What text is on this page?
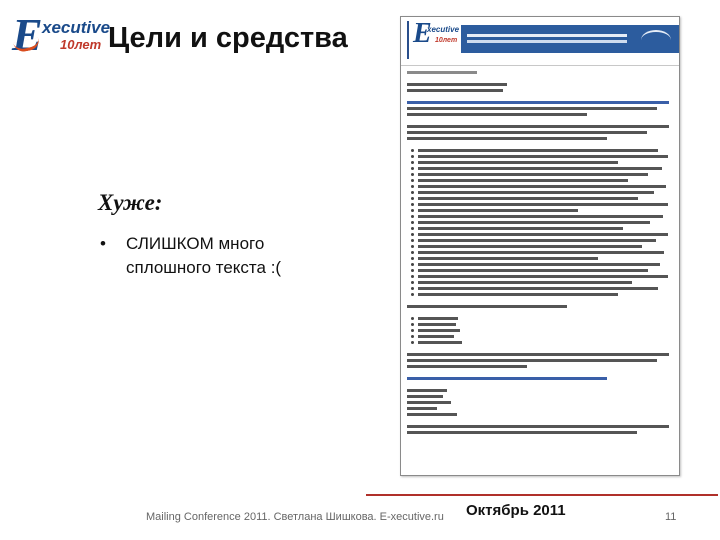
E xecutive
10лет Цели и средства
Хуже:
• СЛИШКОМ много сплошного текста :(
E
xecutive
10лет
Mailing Conference 2011. Светлана Шишкова. E-xecutive.ru Октябрь 2011	11
